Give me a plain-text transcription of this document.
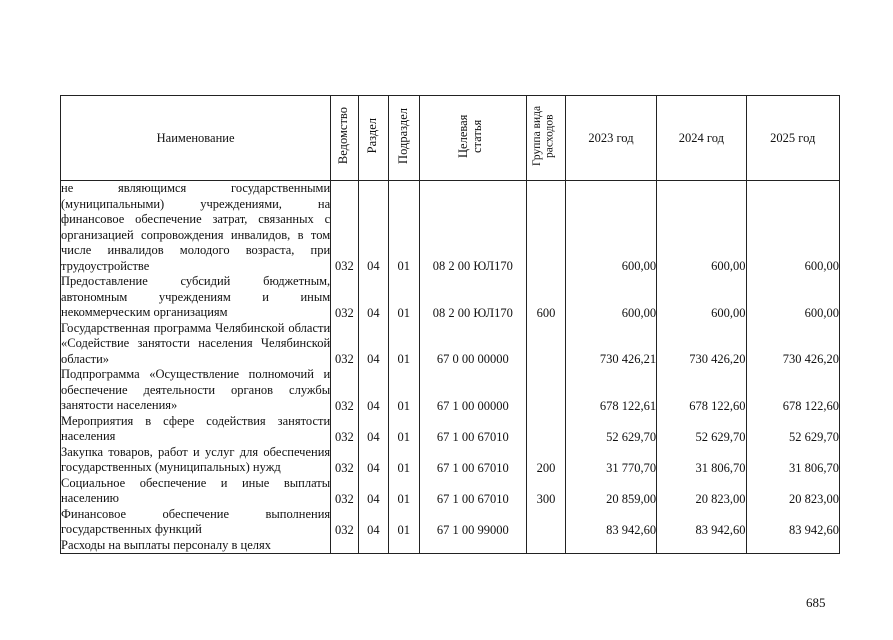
Наименование	Ведомство	Раздел	Подраздел	Целевая статья	Группа вида расходов	2023 год	2024 год	2025 год
не являющимся государственными (муниципальными) учреждениями, на финансовое обеспечение затрат, связанных с организацией сопровождения инвалидов, в том числе инвалидов молодого возраста, при трудоустройстве	032	04	01	08 2 00 ЮЛ170		600,00	600,00	600,00
Предоставление субсидий бюджетным, автономным учреждениям и иным некоммерческим организациям	032	04	01	08 2 00 ЮЛ170	600	600,00	600,00	600,00
Государственная программа Челябинской области «Содействие занятости населения Челябинской области»	032	04	01	67 0 00 00000		730 426,21	730 426,20	730 426,20
Подпрограмма «Осуществление полномочий и обеспечение деятельности органов службы занятости населения»	032	04	01	67 1 00 00000		678 122,61	678 122,60	678 122,60
Мероприятия в сфере содействия занятости населения	032	04	01	67 1 00 67010		52 629,70	52 629,70	52 629,70
Закупка товаров, работ и услуг для обеспечения государственных (муниципальных) нужд	032	04	01	67 1 00 67010	200	31 770,70	31 806,70	31 806,70
Социальное обеспечение и иные выплаты населению	032	04	01	67 1 00 67010	300	20 859,00	20 823,00	20 823,00
Финансовое обеспечение выполнения государственных функций	032	04	01	67 1 00 99000		83 942,60	83 942,60	83 942,60
Расходы на выплаты персоналу в целях								
685
